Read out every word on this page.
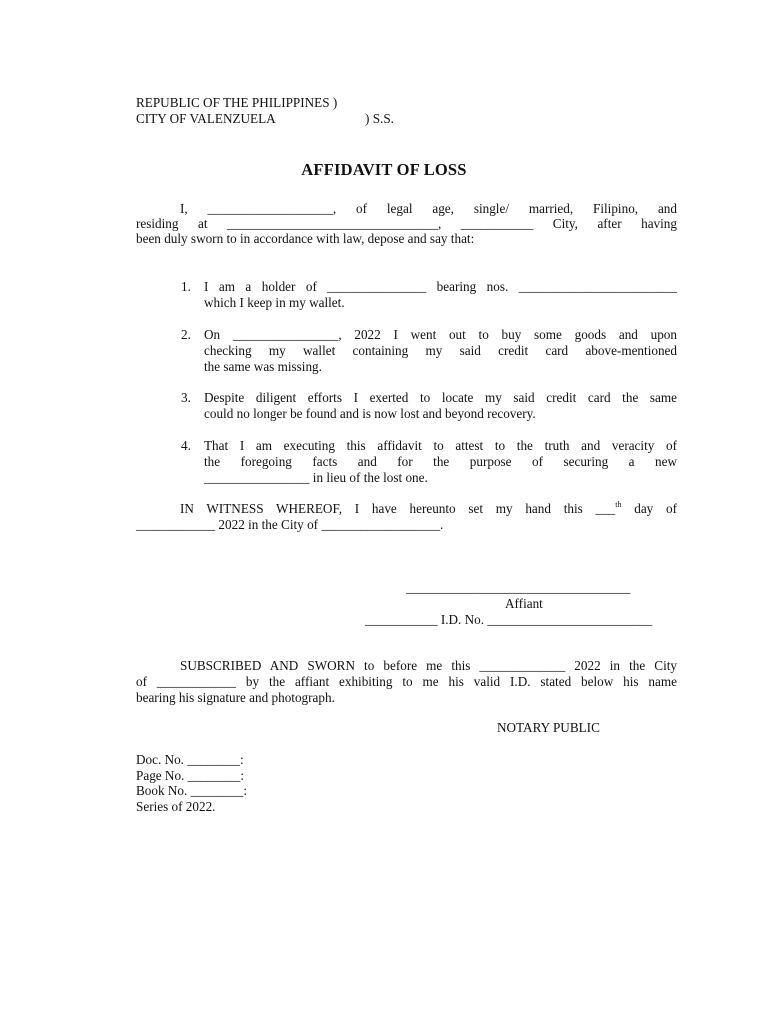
REPUBLIC OF THE PHILIPPINES )
CITY OF VALENZUELA	) S.S.
AFFIDAVIT OF LOSS
I, ___________________, of legal age, single/ married, Filipino, and
residing at ________________________________, ___________ City, after having
been duly sworn to in accordance with law, depose and say that:
1. I am a holder of _______________ bearing nos. ________________________
which I keep in my wallet.
2. On ________________, 2022 I went out to buy some goods and upon
checking my wallet containing my said credit card above-mentioned
the same was missing.
3. Despite diligent efforts I exerted to locate my said credit card the same
could no longer be found and is now lost and beyond recovery.
4. That I am executing this affidavit to attest to the truth and veracity of
the foregoing facts and for the purpose of securing a new
________________ in lieu of the lost one.
IN WITNESS WHEREOF, I have hereunto set my hand this ___$^{th}$ day of
____________ 2022 in the City of __________________.
__________________________________
Affiant
___________ I.D. No. _________________________
SUBSCRIBED AND SWORN to before me this _____________ 2022 in the City
of ____________ by the affiant exhibiting to me his valid I.D. stated below his name
bearing his signature and photograph.
NOTARY PUBLIC
Doc. No. ________:
Page No. ________:
Book No. ________:
Series of 2022.
